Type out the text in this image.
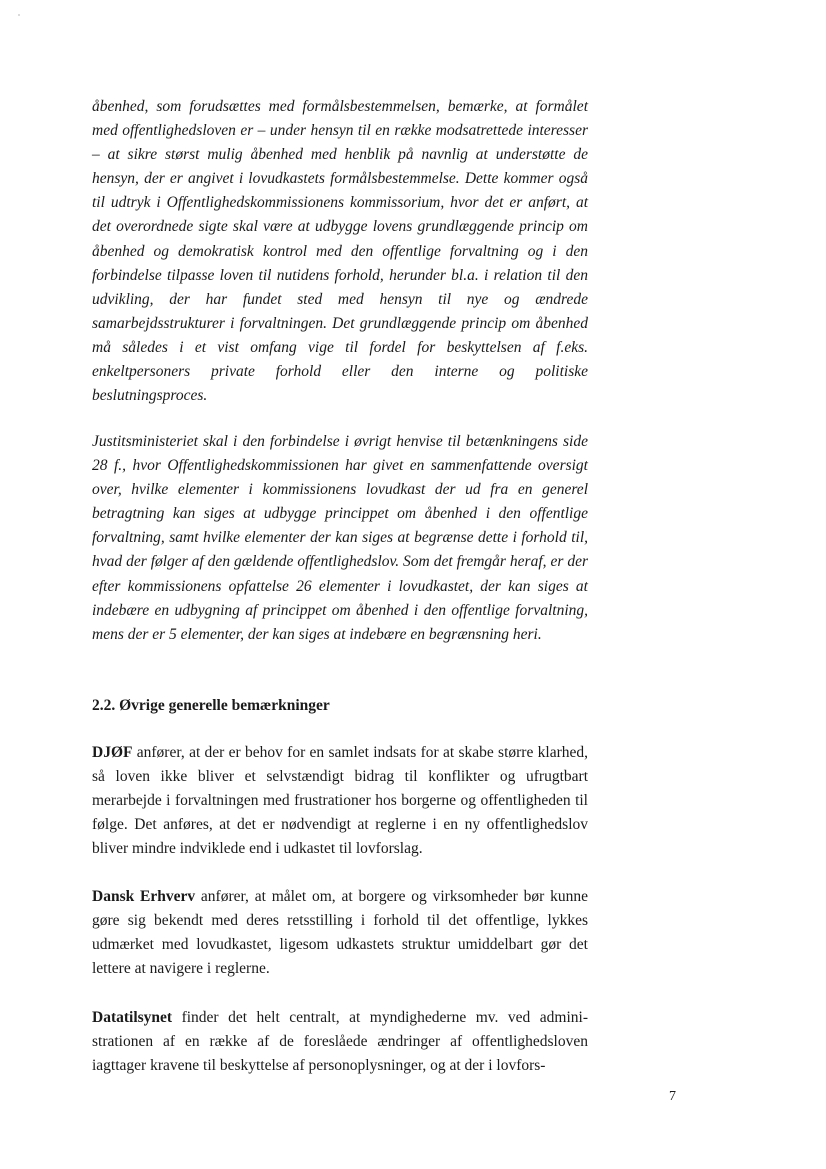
åbenhed, som forudsættes med formålsbestemmelsen, bemærke, at formålet med offentlighedsloven er – under hensyn til en række modsatrettede interesser – at sikre størst mulig åbenhed med henblik på navnlig at understøtte de hensyn, der er angivet i lovudkastets formålsbestemmelse. Dette kommer også til udtryk i Offentlighedskommissionens kommissorium, hvor det er anført, at det overordnede sigte skal være at udbygge lovens grundlæggende princip om åbenhed og demokratisk kontrol med den offentlige forvaltning og i den forbindelse tilpasse loven til nutidens forhold, herunder bl.a. i relation til den udvikling, der har fundet sted med hensyn til nye og ændrede samarbejdsstrukturer i forvaltningen. Det grundlæggende princip om åbenhed må således i et vist omfang vige til fordel for beskyttelsen af f.eks. enkeltpersoners private forhold eller den interne og politiske beslutningsproces.

Justitsministeriet skal i den forbindelse i øvrigt henvise til betænkningens side 28 f., hvor Offentlighedskommissionen har givet en sammenfattende oversigt over, hvilke elementer i kommissionens lovudkast der ud fra en generel betragtning kan siges at udbygge princippet om åbenhed i den offentlige forvaltning, samt hvilke elementer der kan siges at begrænse dette i forhold til, hvad der følger af den gældende offentlighedslov. Som det fremgår heraf, er der efter kommissionens opfattelse 26 elementer i lovudkastet, der kan siges at indebære en udbygning af princippet om åbenhed i den offentlige forvaltning, mens der er 5 elementer, der kan siges at indebære en begrænsning heri.

2.2. Øvrige generelle bemærkninger

DJØF anfører, at der er behov for en samlet indsats for at skabe større klarhed, så loven ikke bliver et selvstændigt bidrag til konflikter og ufrugtbart merarbejde i forvaltningen med frustrationer hos borgerne og offentligheden til følge. Det anføres, at det er nødvendigt at reglerne i en ny offentlighedslov bliver mindre indviklede end i udkastet til lovforslag.

Dansk Erhverv anfører, at målet om, at borgere og virksomheder bør kunne gøre sig bekendt med deres retsstilling i forhold til det offentlige, lykkes udmærket med lovudkastet, ligesom udkastets struktur umiddelbart gør det lettere at navigere i reglerne.

Datatilsynet finder det helt centralt, at myndighederne mv. ved administrationen af en række af de foreslåede ændringer af offentlighedsloven iagttager kravene til beskyttelse af personoplysninger, og at der i lovfors-

7
